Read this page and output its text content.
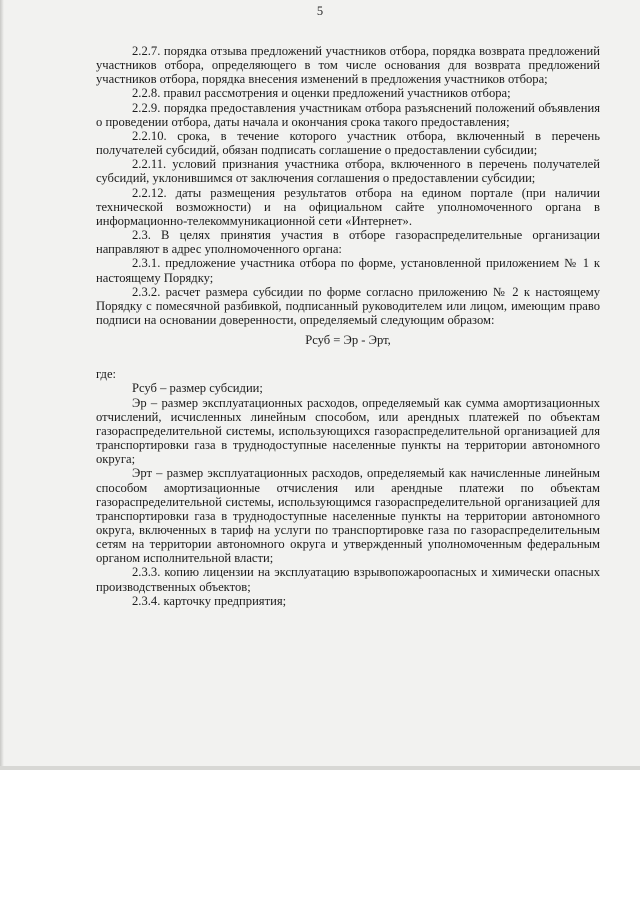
5

2.2.7. порядка отзыва предложений участников отбора, порядка возврата предложений участников отбора, определяющего в том числе основания для возврата предложений участников отбора, порядка внесения изменений в предложения участников отбора;

2.2.8. правил рассмотрения и оценки предложений участников отбора;

2.2.9. порядка предоставления участникам отбора разъяснений положений объявления о проведении отбора, даты начала и окончания срока такого предоставления;

2.2.10. срока, в течение которого участник отбора, включенный в перечень получателей субсидий, обязан подписать соглашение о предоставлении субсидии;

2.2.11. условий признания участника отбора, включенного в перечень получателей субсидий, уклонившимся от заключения соглашения о предоставлении субсидии;

2.2.12. даты размещения результатов отбора на едином портале (при наличии технической возможности) и на официальном сайте уполномоченного органа в информационно-телекоммуникационной сети «Интернет».

2.3. В целях принятия участия в отборе газораспределительные организации направляют в адрес уполномоченного органа:

2.3.1. предложение участника отбора по форме, установленной приложением № 1 к настоящему Порядку;

2.3.2. расчет размера субсидии по форме согласно приложению № 2 к настоящему Порядку с помесячной разбивкой, подписанный руководителем или лицом, имеющим право подписи на основании доверенности, определяемый следующим образом:

Рсуб = Эр - Эрт,

где:

Рсуб – размер субсидии;

Эр – размер эксплуатационных расходов, определяемый как сумма амортизационных отчислений, исчисленных линейным способом, или арендных платежей по объектам газораспределительной системы, использующихся газораспределительной организацией для транспортировки газа в труднодоступные населенные пункты на территории автономного округа;

Эрт – размер эксплуатационных расходов, определяемый как начисленные линейным способом амортизационные отчисления или арендные платежи по объектам газораспределительной системы, использующимся газораспределительной организацией для транспортировки газа в труднодоступные населенные пункты на территории автономного округа, включенных в тариф на услуги по транспортировке газа по газораспределительным сетям на территории автономного округа и утвержденный уполномоченным федеральным органом исполнительной власти;

2.3.3. копию лицензии на эксплуатацию взрывопожароопасных и химически опасных производственных объектов;

2.3.4. карточку предприятия;
